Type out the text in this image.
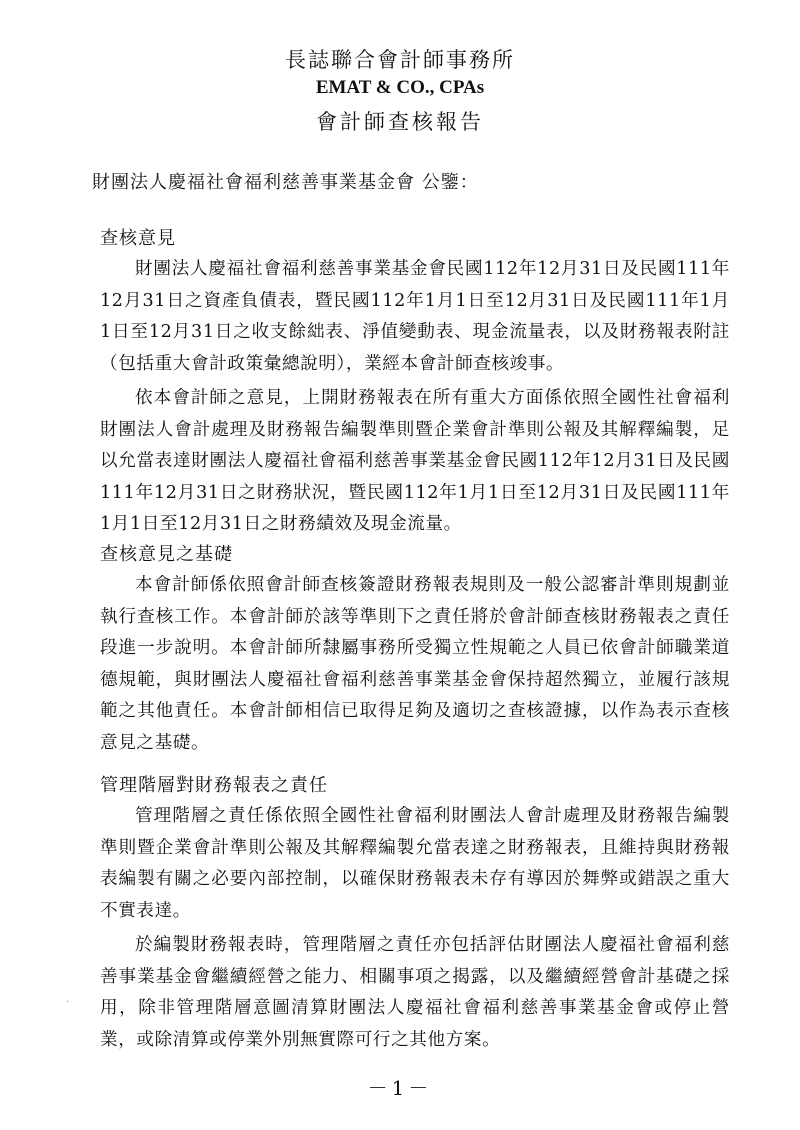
長誌聯合會計師事務所
EMAT & CO., CPAs
會計師查核報告
財團法人慶福社會福利慈善事業基金會 公鑒：
查核意見

財團法人慶福社會福利慈善事業基金會民國112年12月31日及民國111年12月31日之資產負債表，暨民國112年1月1日至12月31日及民國111年1月1日至12月31日之收支餘絀表、淨值變動表、現金流量表，以及財務報表附註（包括重大會計政策彙總說明），業經本會計師查核竣事。

依本會計師之意見，上開財務報表在所有重大方面係依照全國性社會福利財團法人會計處理及財務報告編製準則暨企業會計準則公報及其解釋編製，足以允當表達財團法人慶福社會福利慈善事業基金會民國112年12月31日及民國111年12月31日之財務狀況，暨民國112年1月1日至12月31日及民國111年1月1日至12月31日之財務績效及現金流量。

查核意見之基礎

本會計師係依照會計師查核簽證財務報表規則及一般公認審計準則規劃並執行查核工作。本會計師於該等準則下之責任將於會計師查核財務報表之責任段進一步說明。本會計師所隸屬事務所受獨立性規範之人員已依會計師職業道德規範，與財團法人慶福社會福利慈善事業基金會保持超然獨立，並履行該規範之其他責任。本會計師相信已取得足夠及適切之查核證據，以作為表示查核意見之基礎。

管理階層對財務報表之責任

管理階層之責任係依照全國性社會福利財團法人會計處理及財務報告編製準則暨企業會計準則公報及其解釋編製允當表達之財務報表，且維持與財務報表編製有關之必要內部控制，以確保財務報表未存有導因於舞弊或錯誤之重大不實表達。

於編製財務報表時，管理階層之責任亦包括評估財團法人慶福社會福利慈善事業基金會繼續經營之能力、相關事項之揭露，以及繼續經營會計基礎之採用，除非管理階層意圖清算財團法人慶福社會福利慈善事業基金會或停止營業，或除清算或停業外別無實際可行之其他方案。

·
－1－
